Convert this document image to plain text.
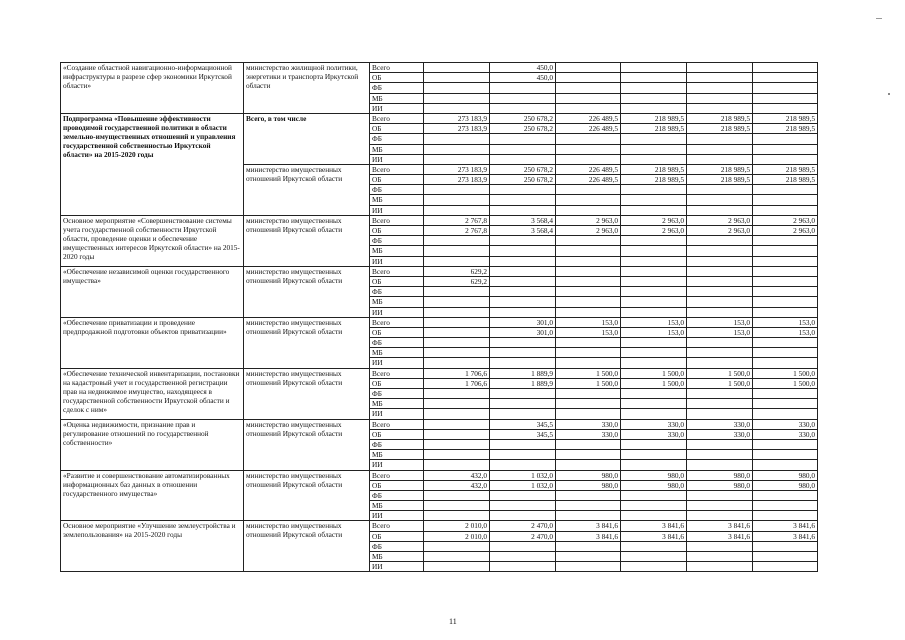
«Создание областной навигационно-информационной инфраструктуры в разрезе сфер экономики Иркутской области»	министерство жилищной политики, энергетики и транспорта Иркутской области	Всего		450,0				
		ОБ		450,0				
		ФБ						
		МБ						
		ИИ						
Подпрограмма «Повышение эффективности проводимой государственной политики в области земельно-имущественных отношений и управления государственной собственностью Иркутской области» на 2015-2020 годы	Всего, в том числе	Всего	273 183,9	250 678,2	226 489,5	218 989,5	218 989,5	218 989,5
		ОБ	273 183,9	250 678,2	226 489,5	218 989,5	218 989,5	218 989,5
		ФБ						
		МБ						
		ИИ						
	министерство имущественных отношений Иркутской области	Всего	273 183,9	250 678,2	226 489,5	218 989,5	218 989,5	218 989,5
		ОБ	273 183,9	250 678,2	226 489,5	218 989,5	218 989,5	218 989,5
		ФБ						
		МБ						
		ИИ						
Основное мероприятие «Совершенствование системы учета государственной собственности Иркутской области, проведение оценки и обеспечение имущественных интересов Иркутской области» на 2015-2020 годы	министерство имущественных отношений Иркутской области	Всего	2 767,8	3 568,4	2 963,0	2 963,0	2 963,0	2 963,0
		ОБ	2 767,8	3 568,4	2 963,0	2 963,0	2 963,0	2 963,0
		ФБ						
		МБ						
		ИИ						
«Обеспечение независимой оценки государственного имущества»	министерство имущественных отношений Иркутской области	Всего	629,2					
		ОБ	629,2					
		ФБ						
		МБ						
		ИИ						
«Обеспечение приватизации и проведение предпродажной подготовки объектов приватизации»	министерство имущественных отношений Иркутской области	Всего		301,0	153,0	153,0	153,0	153,0
		ОБ		301,0	153,0	153,0	153,0	153,0
		ФБ						
		МБ						
		ИИ						
«Обеспечение технической инвентаризации, постановки на кадастровый учет и государственной регистрации прав на недвижимое имущество, находящееся в государственной собственности Иркутской области и сделок с ним»	министерство имущественных отношений Иркутской области	Всего	1 706,6	1 889,9	1 500,0	1 500,0	1 500,0	1 500,0
		ОБ	1 706,6	1 889,9	1 500,0	1 500,0	1 500,0	1 500,0
		ФБ						
		МБ						
		ИИ						
«Оценка недвижимости, признание прав и регулирование отношений по государственной собственности»	министерство имущественных отношений Иркутской области	Всего		345,5	330,0	330,0	330,0	330,0
		ОБ		345,5	330,0	330,0	330,0	330,0
		ФБ						
		МБ						
		ИИ						
«Развитие и совершенствование автоматизированных информационных баз данных в отношении государственного имущества»	министерство имущественных отношений Иркутской области	Всего	432,0	1 032,0	980,0	980,0	980,0	980,0
		ОБ	432,0	1 032,0	980,0	980,0	980,0	980,0
		ФБ						
		МБ						
		ИИ						
Основное мероприятие «Улучшение землеустройства и землепользования» на 2015-2020 годы	министерство имущественных отношений Иркутской области	Всего	2 010,0	2 470,0	3 841,6	3 841,6	3 841,6	3 841,6
		ОБ	2 010,0	2 470,0	3 841,6	3 841,6	3 841,6	3 841,6
		ФБ						
		МБ						
		ИИ						
11
